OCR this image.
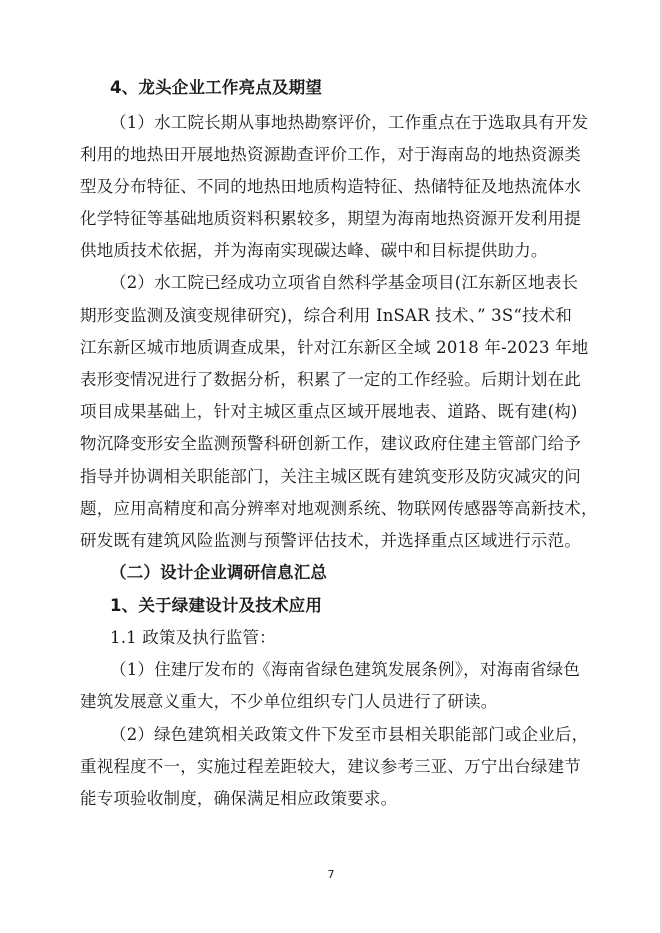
4、龙头企业工作亮点及期望
（1）水工院长期从事地热勘察评价，工作重点在于选取具有开发
利用的地热田开展地热资源勘查评价工作，对于海南岛的地热资源类
型及分布特征、不同的地热田地质构造特征、热储特征及地热流体水
化学特征等基础地质资料积累较多，期望为海南地热资源开发利用提
供地质技术依据，并为海南实现碳达峰、碳中和目标提供助力。
（2）水工院已经成功立项省自然科学基金项目(江东新区地表长
期形变监测及演变规律研究)，综合利用 InSAR 技术、” 3S“技术和
江东新区城市地质调查成果，针对江东新区全域 2018 年-2023 年地
表形变情况进行了数据分析，积累了一定的工作经验。后期计划在此
项目成果基础上，针对主城区重点区域开展地表、道路、既有建(构)
物沉降变形安全监测预警科研创新工作，建议政府住建主管部门给予
指导并协调相关职能部门，关注主城区既有建筑变形及防灾减灾的问
题，应用高精度和高分辨率对地观测系统、物联网传感器等高新技术，
研发既有建筑风险监测与预警评估技术，并选择重点区域进行示范。
（二）设计企业调研信息汇总
1、关于绿建设计及技术应用
1.1 政策及执行监管：
（1）住建厅发布的《海南省绿色建筑发展条例》，对海南省绿色
建筑发展意义重大，不少单位组织专门人员进行了研读。
（2）绿色建筑相关政策文件下发至市县相关职能部门或企业后，
重视程度不一，实施过程差距较大，建议参考三亚、万宁出台绿建节
能专项验收制度，确保满足相应政策要求。
7
